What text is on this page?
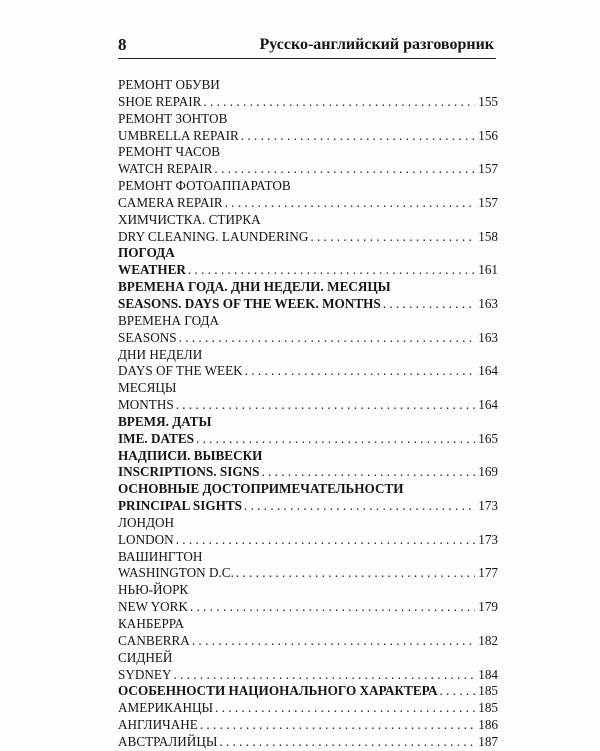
8	Русско-английский разговорник
РЕМОНТ ОБУВИ
SHOE REPAIR . . .	155
РЕМОНТ ЗОНТОВ
UMBRELLA REPAIR . . .	156
РЕМОНТ ЧАСОВ
WATCH REPAIR . . .	157
РЕМОНТ ФОТОАППАРАТОВ
CAMERA REPAIR . . .	157
ХИМЧИСТКА. СТИРКА
DRY CLEANING. LAUNDERING . . .	158
ПОГОДА
WEATHER . . .	161
ВРЕМЕНА ГОДА. ДНИ НЕДЕЛИ. МЕСЯЦЫ
SEASONS. DAYS OF THE WEEK. MONTHS . . .	163
ВРЕМЕНА ГОДА
SEASONS . . .	163
ДНИ НЕДЕЛИ
DAYS OF THE WEEK . . .	164
МЕСЯЦЫ
MONTHS . . .	164
ВРЕМЯ. ДАТЫ
IME. DATES . . .	165
НАДПИСИ. ВЫВЕСКИ
INSCRIPTIONS. SIGNS . . .	169
ОСНОВНЫЕ ДОСТОПРИМЕЧАТЕЛЬНОСТИ
PRINCIPAL SIGHTS . . .	173
ЛОНДОН
LONDON . . .	173
ВАШИНГТОН
WASHINGTON D.C. . . .	177
НЬЮ-ЙОРК
NEW YORK . . .	179
КАНБЕРРА
CANBERRA . . .	182
СИДНЕЙ
SYDNEY . . .	184
ОСОБЕННОСТИ НАЦИОНАЛЬНОГО ХАРАКТЕРА . . .	185
АМЕРИКАНЦЫ . . .	185
АНГЛИЧАНЕ . . .	186
АВСТРАЛИЙЦЫ . . .	187
